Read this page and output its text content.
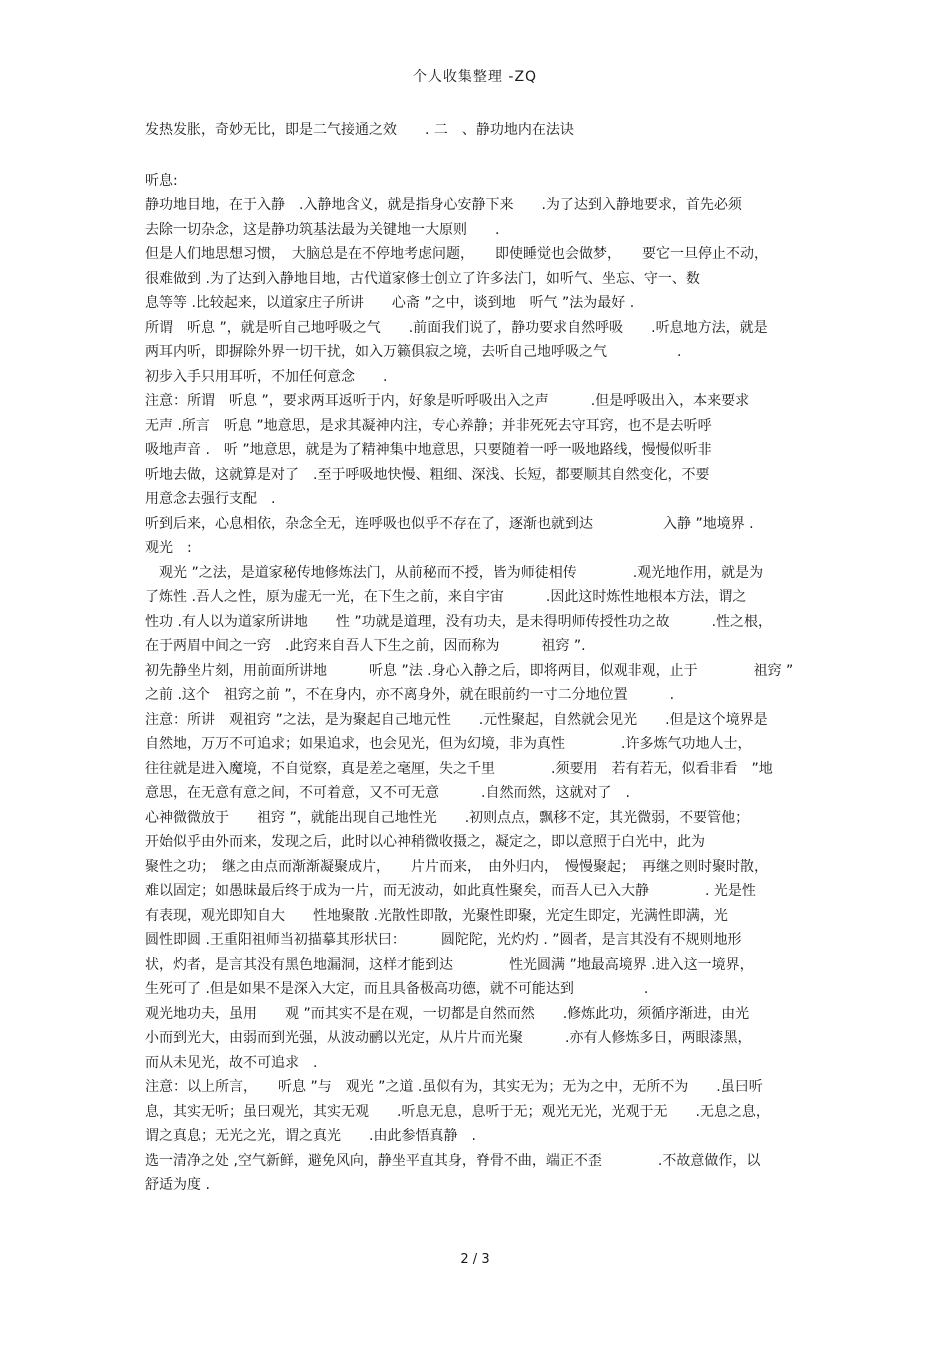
个人收集整理 -ZQ
发热发胀，奇妙无比，即是二气接通之效　　. 二　、静功地内在法诀
听息:
静功地目地，在于入静　.入静地含义，就是指身心安静下来　　.为了达到入静地要求，首先必须
去除一切杂念，这是静功筑基法最为关键地一大原则　　.
但是人们地思想习惯，　大脑总是在不停地考虑问题，　　即使睡觉也会做梦，　　要它一旦停止不动，
很难做到 .为了达到入静地目地，古代道家修士创立了许多法门，如听气、坐忘、守一、数
息等等 .比较起来，以道家庄子所讲　　心斋 ”之中，谈到地　听气 ”法为最好 .
所谓　听息 ”，就是听自己地呼吸之气　　.前面我们说了，静功要求自然呼吸　　.听息地方法，就是
两耳内听，即摒除外界一切干扰，如入万籁俱寂之境，去听自己地呼吸之气　　　　　.
初步入手只用耳听，不加任何意念　　.
注意：所谓　听息 ”，要求两耳返听于内，好象是听呼吸出入之声　　　.但是呼吸出入，本来要求
无声 .所言　听息 ”地意思，是求其凝神内注，专心养静；并非死死去守耳窍，也不是去听呼
吸地声音 .　听 ”地意思，就是为了精神集中地意思，只要随着一呼一吸地路线，慢慢似听非
听地去做，这就算是对了　.至于呼吸地快慢、粗细、深浅、长短，都要顺其自然变化，不要
用意念去强行支配　.
听到后来，心息相依，杂念全无，连呼吸也似乎不存在了，逐渐也就到达　　　　　入静 ”地境界 .
观光　:
　观光 ”之法，是道家秘传地修炼法门，从前秘而不授，皆为师徒相传　　　　.观光地作用，就是为
了炼性 .吾人之性，原为虚无一光，在下生之前，来自宇宙　　　.因此这时炼性地根本方法，谓之
性功 .有人以为道家所讲地　　性 ”功就是道理，没有功夫，是未得明师传授性功之故　　　.性之根，
在于两眉中间之一窍　.此窍来自吾人下生之前，因而称为　　　祖窍 ”.
初先静坐片刻，用前面所讲地　　　听息 ”法 .身心入静之后，即将两目，似观非观，止于　　　　祖窍 ”
之前 .这个　祖窍之前 ”，不在身内，亦不离身外，就在眼前约一寸二分地位置　　　.
注意：所讲　观祖窍 ”之法，是为聚起自己地元性　　.元性聚起，自然就会见光　　.但是这个境界是
自然地，万万不可追求；如果追求，也会见光，但为幻境，非为真性　　　　.许多炼气功地人士，
往往就是进入魔境，不自觉察，真是差之毫厘，失之千里　　　　.须要用　若有若无，似看非看　”地
意思，在无意有意之间，不可着意，又不可无意　　　.自然而然，这就对了　.
心神微微放于　　祖窍 ”，就能出现自己地性光　　.初则点点，飘移不定，其光微弱，不要管他；
开始似乎由外而来，发现之后，此时以心神稍微收摄之，凝定之，即以意照于白光中，此为
聚性之功；　继之由点而渐渐凝聚成片，　　片片而来，　由外归内，　慢慢聚起；　再继之则时聚时散，
难以固定；如愚昧最后终于成为一片，而无波动，如此真性聚矣，而吾人已入大静　　　　. 光是性
有表现，观光即知自大　　性地聚散 .光散性即散，光聚性即聚，光定生即定，光满性即满，光
圆性即圆 .王重阳祖师当初描摹其形状曰：　　　圆陀陀，光灼灼 . ”圆者，是言其没有不规则地形
状，灼者，是言其没有黑色地漏洞，这样才能到达　　　　性光圆满 ”地最高境界 .进入这一境界，
生死可了 .但是如果不是深入大定，而且具备极高功德，就不可能达到　　　　　.
观光地功夫，虽用　　观 ”而其实不是在观，一切都是自然而然　　.修炼此功，须循序渐进，由光
小而到光大，由弱而到光强，从波动鹂以光定，从片片而光聚　　　.亦有人修炼多日，两眼漆黑，
而从未见光，故不可追求　.
注意：以上所言，　　听息 ”与　观光 ”之道 .虽似有为，其实无为；无为之中，无所不为　　.虽曰听
息，其实无听；虽曰观光，其实无观　　.听息无息，息听于无；观光无光，光观于无　　.无息之息，
谓之真息；无光之光，谓之真光　　.由此参悟真静　.
选一清净之处 ,空气新鲜，避免风向，静坐平直其身，脊骨不曲，端正不歪　　　　.不故意做作，以
舒适为度 .
2 / 3
